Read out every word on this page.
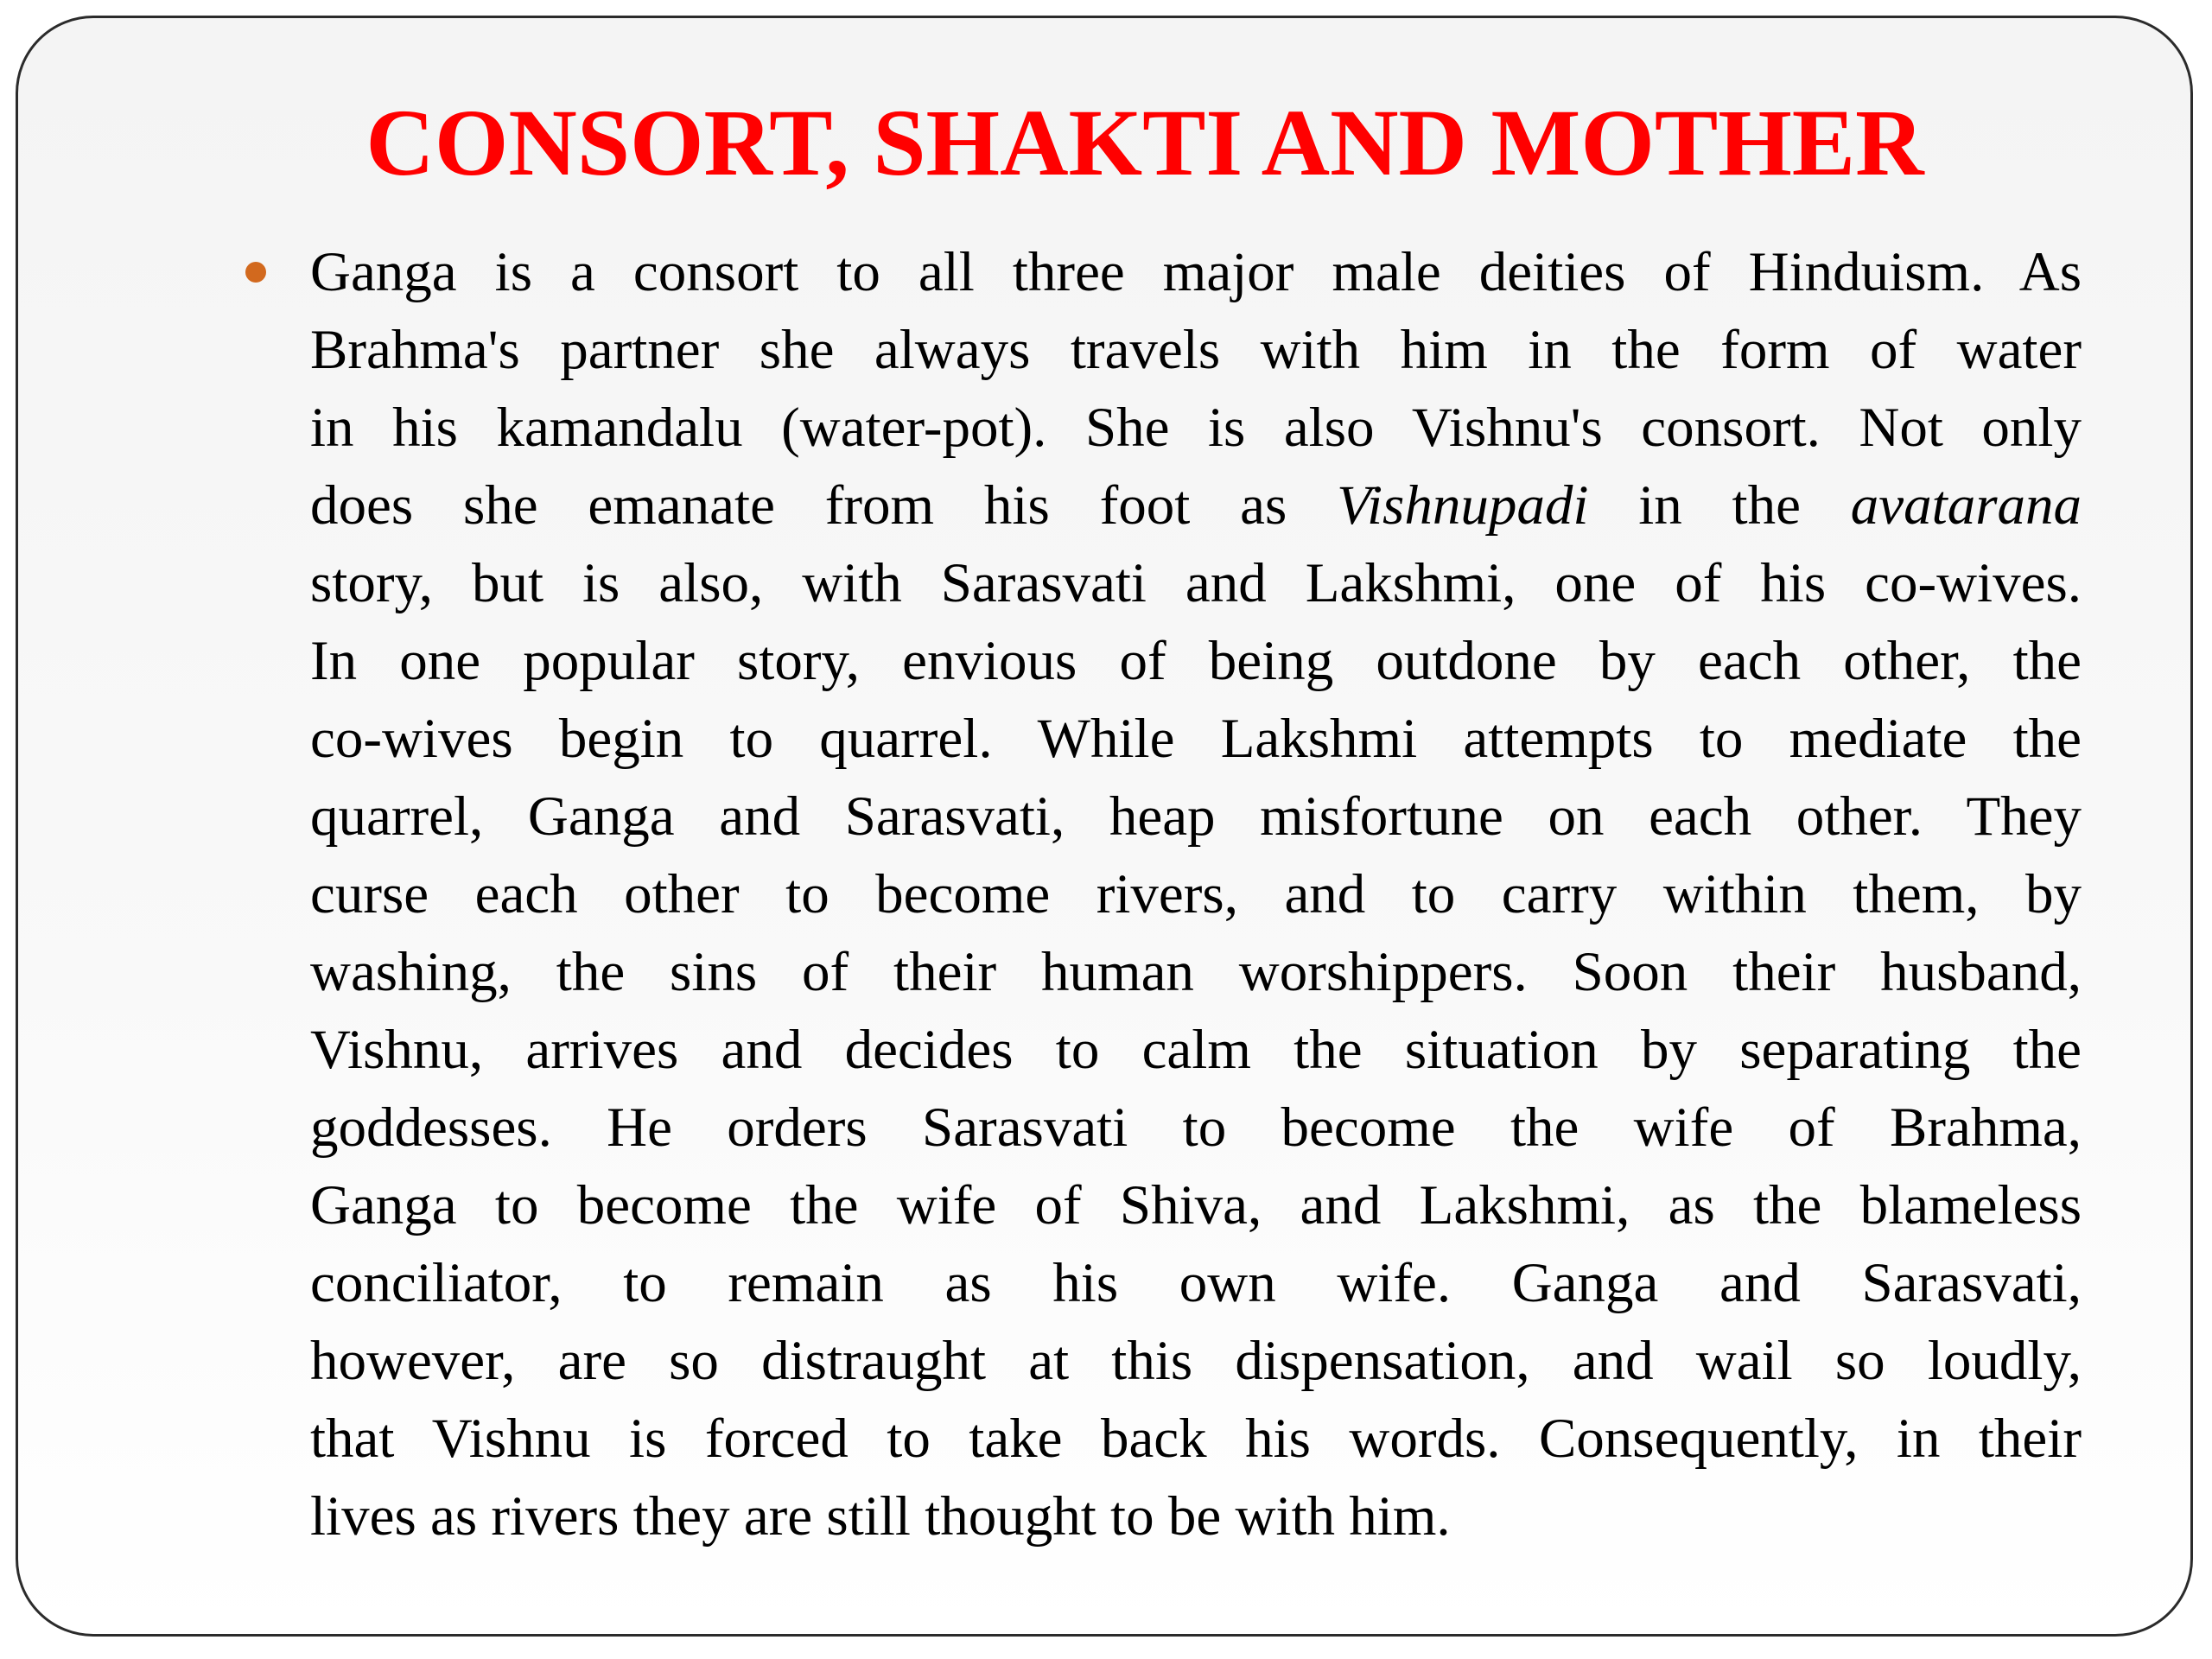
CONSORT, SHAKTI AND MOTHER
Ganga is a consort to all three major male deities of Hinduism. As
Brahma's partner she always travels with him in the form of water
in his kamandalu (water-pot). She is also Vishnu's consort. Not only
does she emanate from his foot as Vishnupadi in the avatarana
story, but is also, with Sarasvati and Lakshmi, one of his co-wives.
In one popular story, envious of being outdone by each other, the
co-wives begin to quarrel. While Lakshmi attempts to mediate the
quarrel, Ganga and Sarasvati, heap misfortune on each other. They
curse each other to become rivers, and to carry within them, by
washing, the sins of their human worshippers. Soon their husband,
Vishnu, arrives and decides to calm the situation by separating the
goddesses. He orders Sarasvati to become the wife of Brahma,
Ganga to become the wife of Shiva, and Lakshmi, as the blameless
conciliator, to remain as his own wife. Ganga and Sarasvati,
however, are so distraught at this dispensation, and wail so loudly,
that Vishnu is forced to take back his words. Consequently, in their
lives as rivers they are still thought to be with him.
